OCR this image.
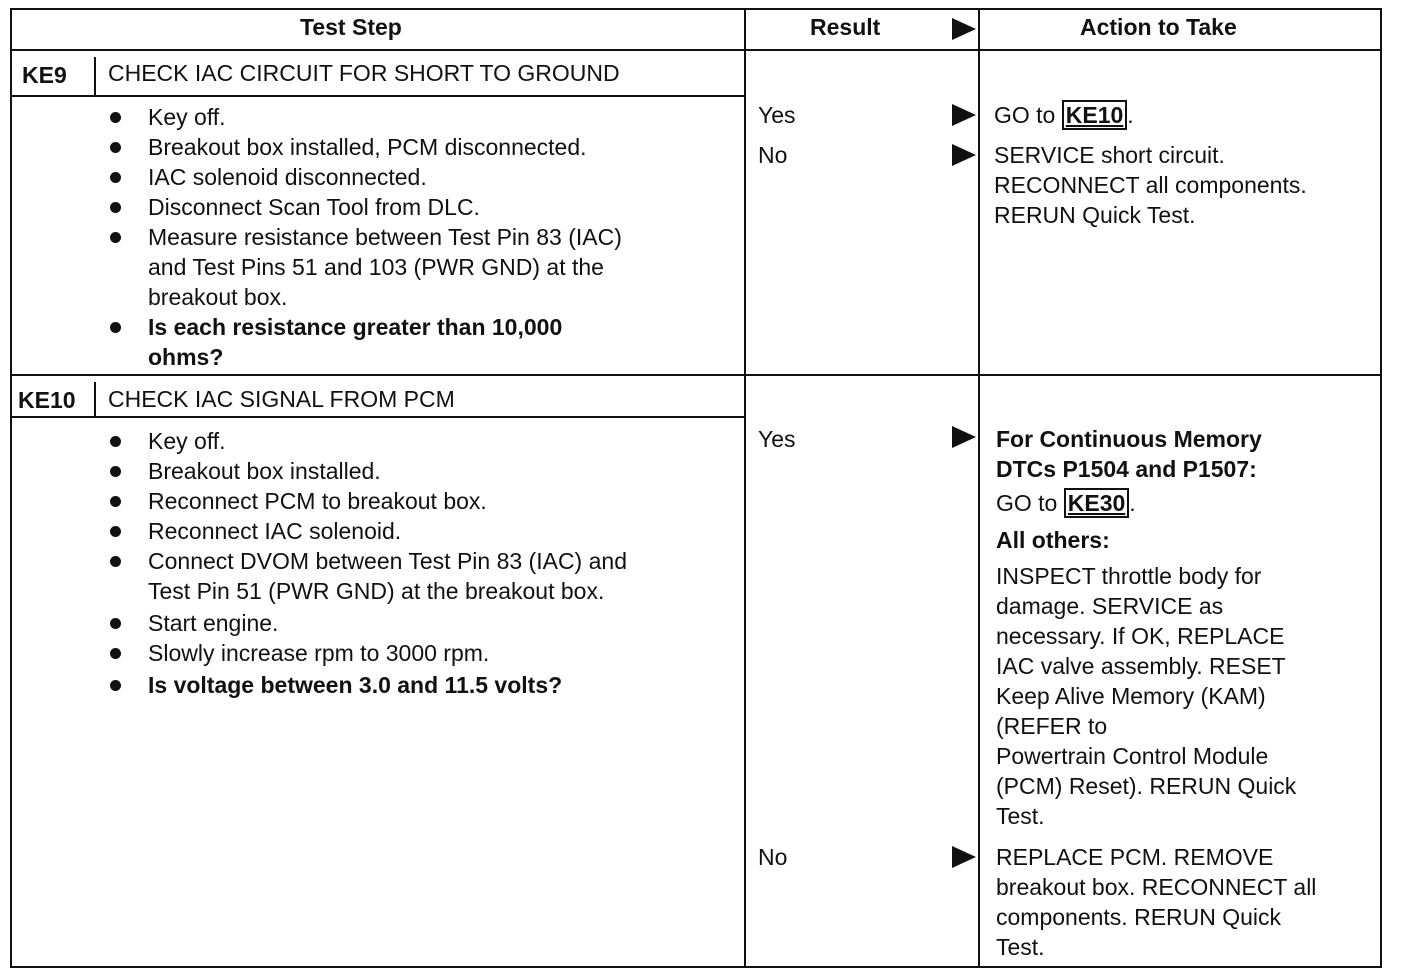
Test Step	Result	Action to Take
KE9 CHECK IAC CIRCUIT FOR SHORT TO GROUND
Key off.
Breakout box installed, PCM disconnected.
IAC solenoid disconnected.
Disconnect Scan Tool from DLC.
Measure resistance between Test Pin 83 (IAC)
and Test Pins 51 and 103 (PWR GND) at the
breakout box.
Is each resistance greater than 10,000
ohms?
Yes
No
GO to KE10 .
SERVICE short circuit.
RECONNECT all components.
RERUN Quick Test.
KE10 CHECK IAC SIGNAL FROM PCM
Key off.
Breakout box installed.
Reconnect PCM to breakout box.
Reconnect IAC solenoid.
Connect DVOM between Test Pin 83 (IAC) and
Test Pin 51 (PWR GND) at the breakout box.
Start engine.
Slowly increase rpm to 3000 rpm.
Is voltage between 3.0 and 11.5 volts?
Yes
No
For Continuous Memory
DTCs P1504 and P1507:
GO to KE30 .
All others:
INSPECT throttle body for
damage. SERVICE as
necessary. If OK, REPLACE
IAC valve assembly. RESET
Keep Alive Memory (KAM)
(REFER to
Powertrain Control Module
(PCM) Reset). RERUN Quick
Test.
REPLACE PCM. REMOVE
breakout box. RECONNECT all
components. RERUN Quick
Test.
